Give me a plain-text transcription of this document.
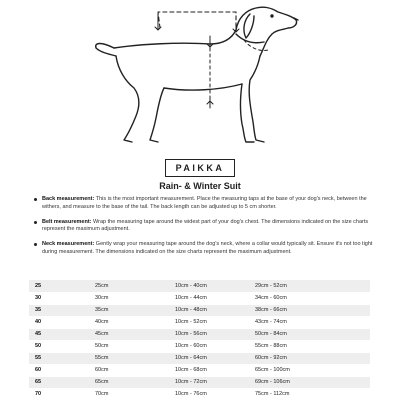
PAIKKA
Rain- & Winter Suit
Back measurement: This is the most important measurement. Place the measuring taps at the base of your dog's neck, between the withers, and measure to the base of the tail. The back length can be adjusted up to 5 cm shorter.
Belt measurement: Wrap the measuring tape around the widest part of your dog's chest. The dimensions indicated on the size charts represent the maximum adjustment.
Neck measurement: Gently wrap your measuring tape around the dog's neck, where a collar would typically sit. Ensure it's not too tight during measurement. The dimensions indicated on the size charts represent the maximum adjustment.
25	25cm	10cm - 40cm	29cm - 52cm
30	30cm	10cm - 44cm	34cm - 60cm
35	35cm	10cm - 48cm	38cm - 66cm
40	40cm	10cm - 52cm	43cm - 74cm
45	45cm	10cm - 56cm	50cm - 84cm
50	50cm	10cm - 60cm	55cm - 88cm
55	55cm	10cm - 64cm	60cm - 92cm
60	60cm	10cm - 68cm	65cm - 100cm
65	65cm	10cm - 72cm	69cm - 106cm
70	70cm	10cm - 76cm	75cm - 112cm
